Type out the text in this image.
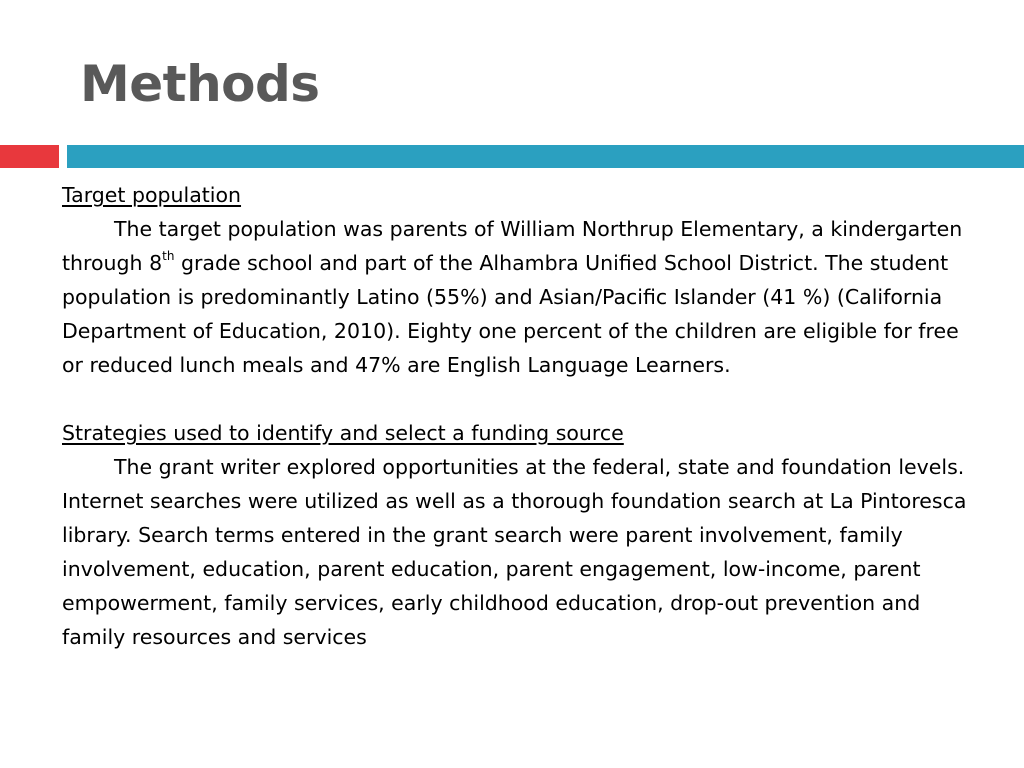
Methods

Target population
The target population was parents of William Northrup Elementary, a kindergarten through 8th grade school and part of the Alhambra Unified School District. The student population is predominantly Latino (55%) and Asian/Pacific Islander (41 %) (California Department of Education, 2010). Eighty one percent of the children are eligible for free or reduced lunch meals and 47% are English Language Learners.

Strategies used to identify and select a funding source
The grant writer explored opportunities at the federal, state and foundation levels. Internet searches were utilized as well as a thorough foundation search at La Pintoresca library. Search terms entered in the grant search were parent involvement, family involvement, education, parent education, parent engagement, low-income, parent empowerment, family services, early childhood education, drop-out prevention and family resources and services
